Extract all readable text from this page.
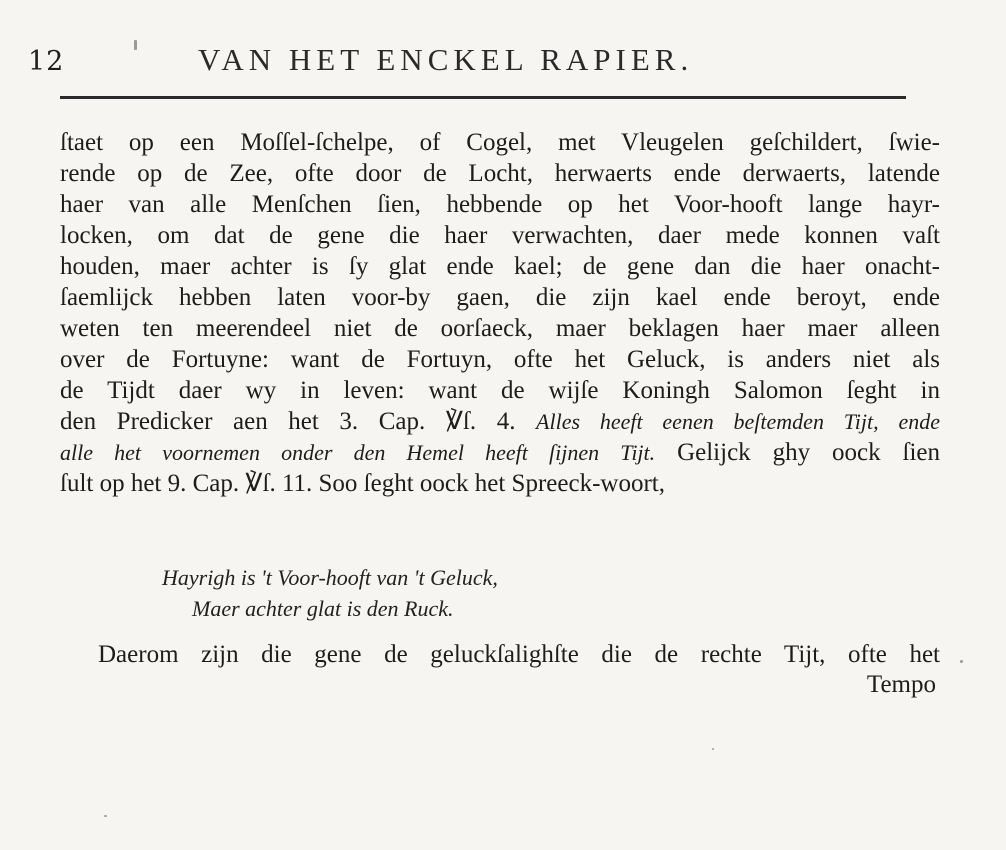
12	VAN HET ENCKEL RAPIER.
ſtaet op een Moſſel-ſchelpe, of Cogel, met Vleugelen geſchildert, ſwie-
rende op de Zee, ofte door de Locht, herwaerts ende derwaerts, latende
haer van alle Menſchen ſien, hebbende op het Voor-hooft lange hayr-
locken, om dat de gene die haer verwachten, daer mede konnen vaſt
houden, maer achter is ſy glat ende kael; de gene dan die haer onacht-
ſaemlijck hebben laten voor-by gaen, die zijn kael ende beroyt, ende
weten ten meerendeel niet de oorſaeck, maer beklagen haer maer alleen
over de Fortuyne: want de Fortuyn, ofte het Geluck, is anders niet als
de Tijdt daer wy in leven: want de wijſe Koningh Salomon ſeght in
den Predicker aen het 3. Cap. ℣ſ. 4. Alles heeft eenen beſtemden Tijt, ende
alle het voornemen onder den Hemel heeft ſijnen Tijt. Gelijck ghy oock ſien
ſult op het 9. Cap. ℣ſ. 11. Soo ſeght oock het Spreeck-woort,
Hayrigh is 't Voor-hooft van 't Geluck,
Maer achter glat is den Ruck.
Daerom zijn die gene de geluckſalighſte die de rechte Tijt, ofte het
Tempo
